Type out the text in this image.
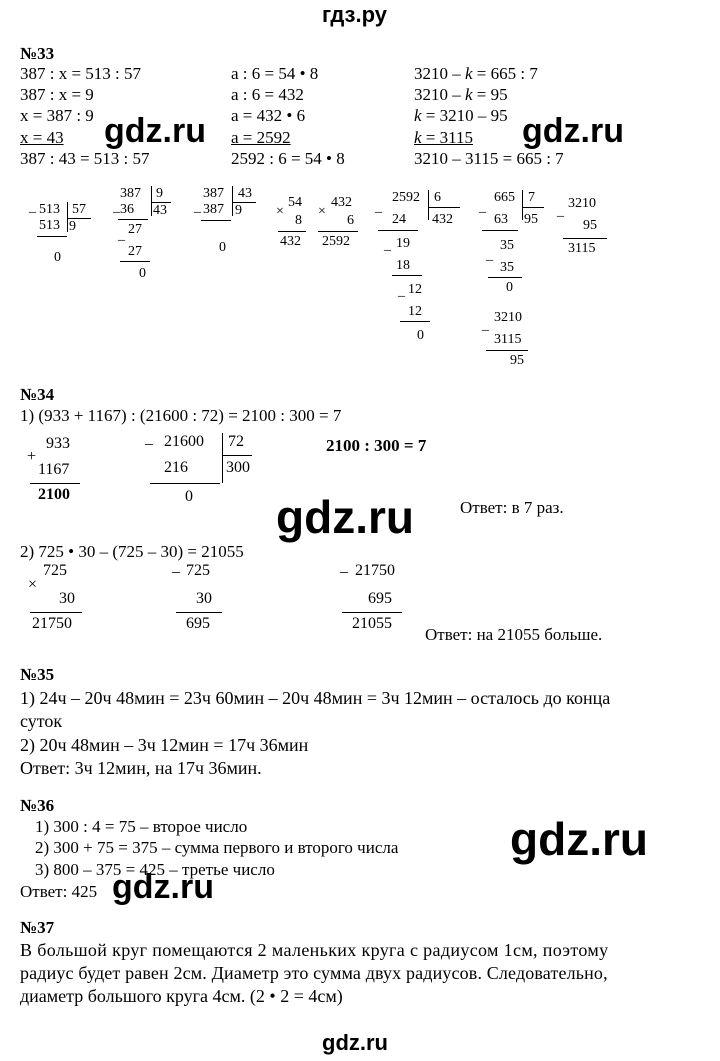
гдз.ру
№33
387 : x = 513 : 57
387 : x = 9
x = 387 : 9
x = 43
387 : 43 = 513 : 57
a : 6 = 54 • 8
a : 6 = 432
a = 432 • 6
a = 2592
2592 : 6 = 54 • 8
3210 – k = 665 : 7
3210 – k = 95
k = 3210 – 95
k = 3115
3210 – 3115 = 665 : 7
gdz.ru	gdz.ru
_ 513 57
513 9
0
_
387 9
36 43
_ 27
27
0
_
387 43
387 9
0
×
54
8
432
×
432
6
2592
_
2592 6
24 432
_ 19
18
_ 12
12
0
_
665 7
63 95
_
35
35
0
_
3210
95
3115
_
3210
3115
95
№34
1) (933 + 1167) : (21600 : 72) = 2100 : 300 = 7
+
933
1167
2100
_ 21600 72
216 300
0
2100 : 300 = 7
gdz.ru	Ответ: в 7 раз.
2) 725 • 30 – (725 – 30) = 21055
×
725
30
21750
_ 725
30
695
_ 21750
695
21055
Ответ: на 21055 больше.
№35
1) 24ч – 20ч 48мин = 23ч 60мин – 20ч 48мин = 3ч 12мин – осталось до конца
суток
2) 20ч 48мин – 3ч 12мин = 17ч 36мин
Ответ: 3ч 12мин, на 17ч 36мин.
№36
1) 300 : 4 = 75 – второе число
2) 300 + 75 = 375 – сумма первого и второго числа
3) 800 – 375 = 425 – третье число
Ответ: 425
gdz.ru
gdz.ru
№37
В большой круг помещаются 2 маленьких круга с радиусом 1см, поэтому
радиус будет равен 2см. Диаметр это сумма двух радиусов. Следовательно,
диаметр большого круга 4см. (2 • 2 = 4см)
gdz.ru
